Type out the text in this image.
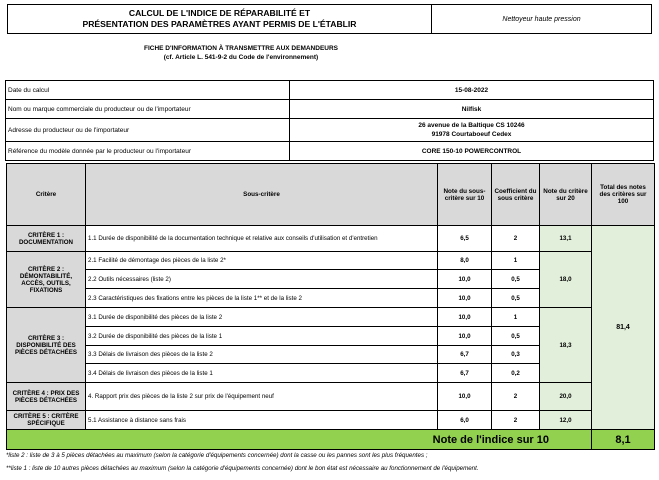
CALCUL DE L'INDICE DE RÉPARABILITÉ ET
PRÉSENTATION DES PARAMÈTRES AYANT PERMIS DE L'ÉTABLIR	Nettoyeur haute pression
FICHE D'INFORMATION À TRANSMETTRE AUX DEMANDEURS
(cf. Article L. 541-9-2 du Code de l'environnement)
Date du calcul	15-08-2022
Nom ou marque commerciale du producteur ou de l'importateur	Nilfisk
Adresse du producteur ou de l'importateur	26 avenue de la Baltique CS 10246
91978 Courtaboeuf Cedex

Référence du modèle donnée par le producteur ou l'importateur	CORE 150-10 POWERCONTROL
Critère	Sous-critère	Note du sous-critère sur 10	Coefficient du sous critère	Note du critère sur 20	Total des notes des critères sur 100
CRITÈRE 1 : DOCUMENTATION	1.1 Durée de disponibilité de la documentation technique et relative aux conseils d'utilisation et d'entretien	6,5	2	13,1	81,4
CRITÈRE 2 : DÉMONTABILITÉ, ACCÈS, OUTILS, FIXATIONS	2.1 Facilité de démontage des pièces de la liste 2*	8,0	1	18,0	
	2.2 Outils nécessaires (liste 2)	10,0	0,5		
	2.3 Caractéristiques des fixations entre les pièces de la liste 1** et de la liste 2	10,0	0,5		
CRITÈRE 3 : DISPONIBILITÉ DES PIÈCES DÉTACHÉES	3.1 Durée de disponibilité des pièces de la liste 2	10,0	1	18,3	
	3.2 Durée de disponibilité des pièces de la liste 1	10,0	0,5		
	3.3 Délais de livraison des pièces de la liste 2	6,7	0,3		
	3.4 Délais de livraison des pièces de la liste 1	6,7	0,2		
CRITÈRE 4 : PRIX DES PIÈCES DÉTACHÉES	4. Rapport prix des pièces de la liste 2 sur prix de l'équipement neuf	10,0	2	20,0	
CRITÈRE 5 : CRITÈRE SPÉCIFIQUE	5.1 Assistance à distance sans frais	6,0	2	12,0	
Note de l'indice sur 10					8,1
*liste 2 : liste de 3 à 5 pièces détachées au maximum (selon la catégorie d'équipements concernée) dont la casse ou les pannes sont les plus fréquentes ;
**liste 1 : liste de 10 autres pièces détachées au maximum (selon la catégorie d'équipements concernée) dont le bon état est nécessaire au fonctionnement de l'équipement.
